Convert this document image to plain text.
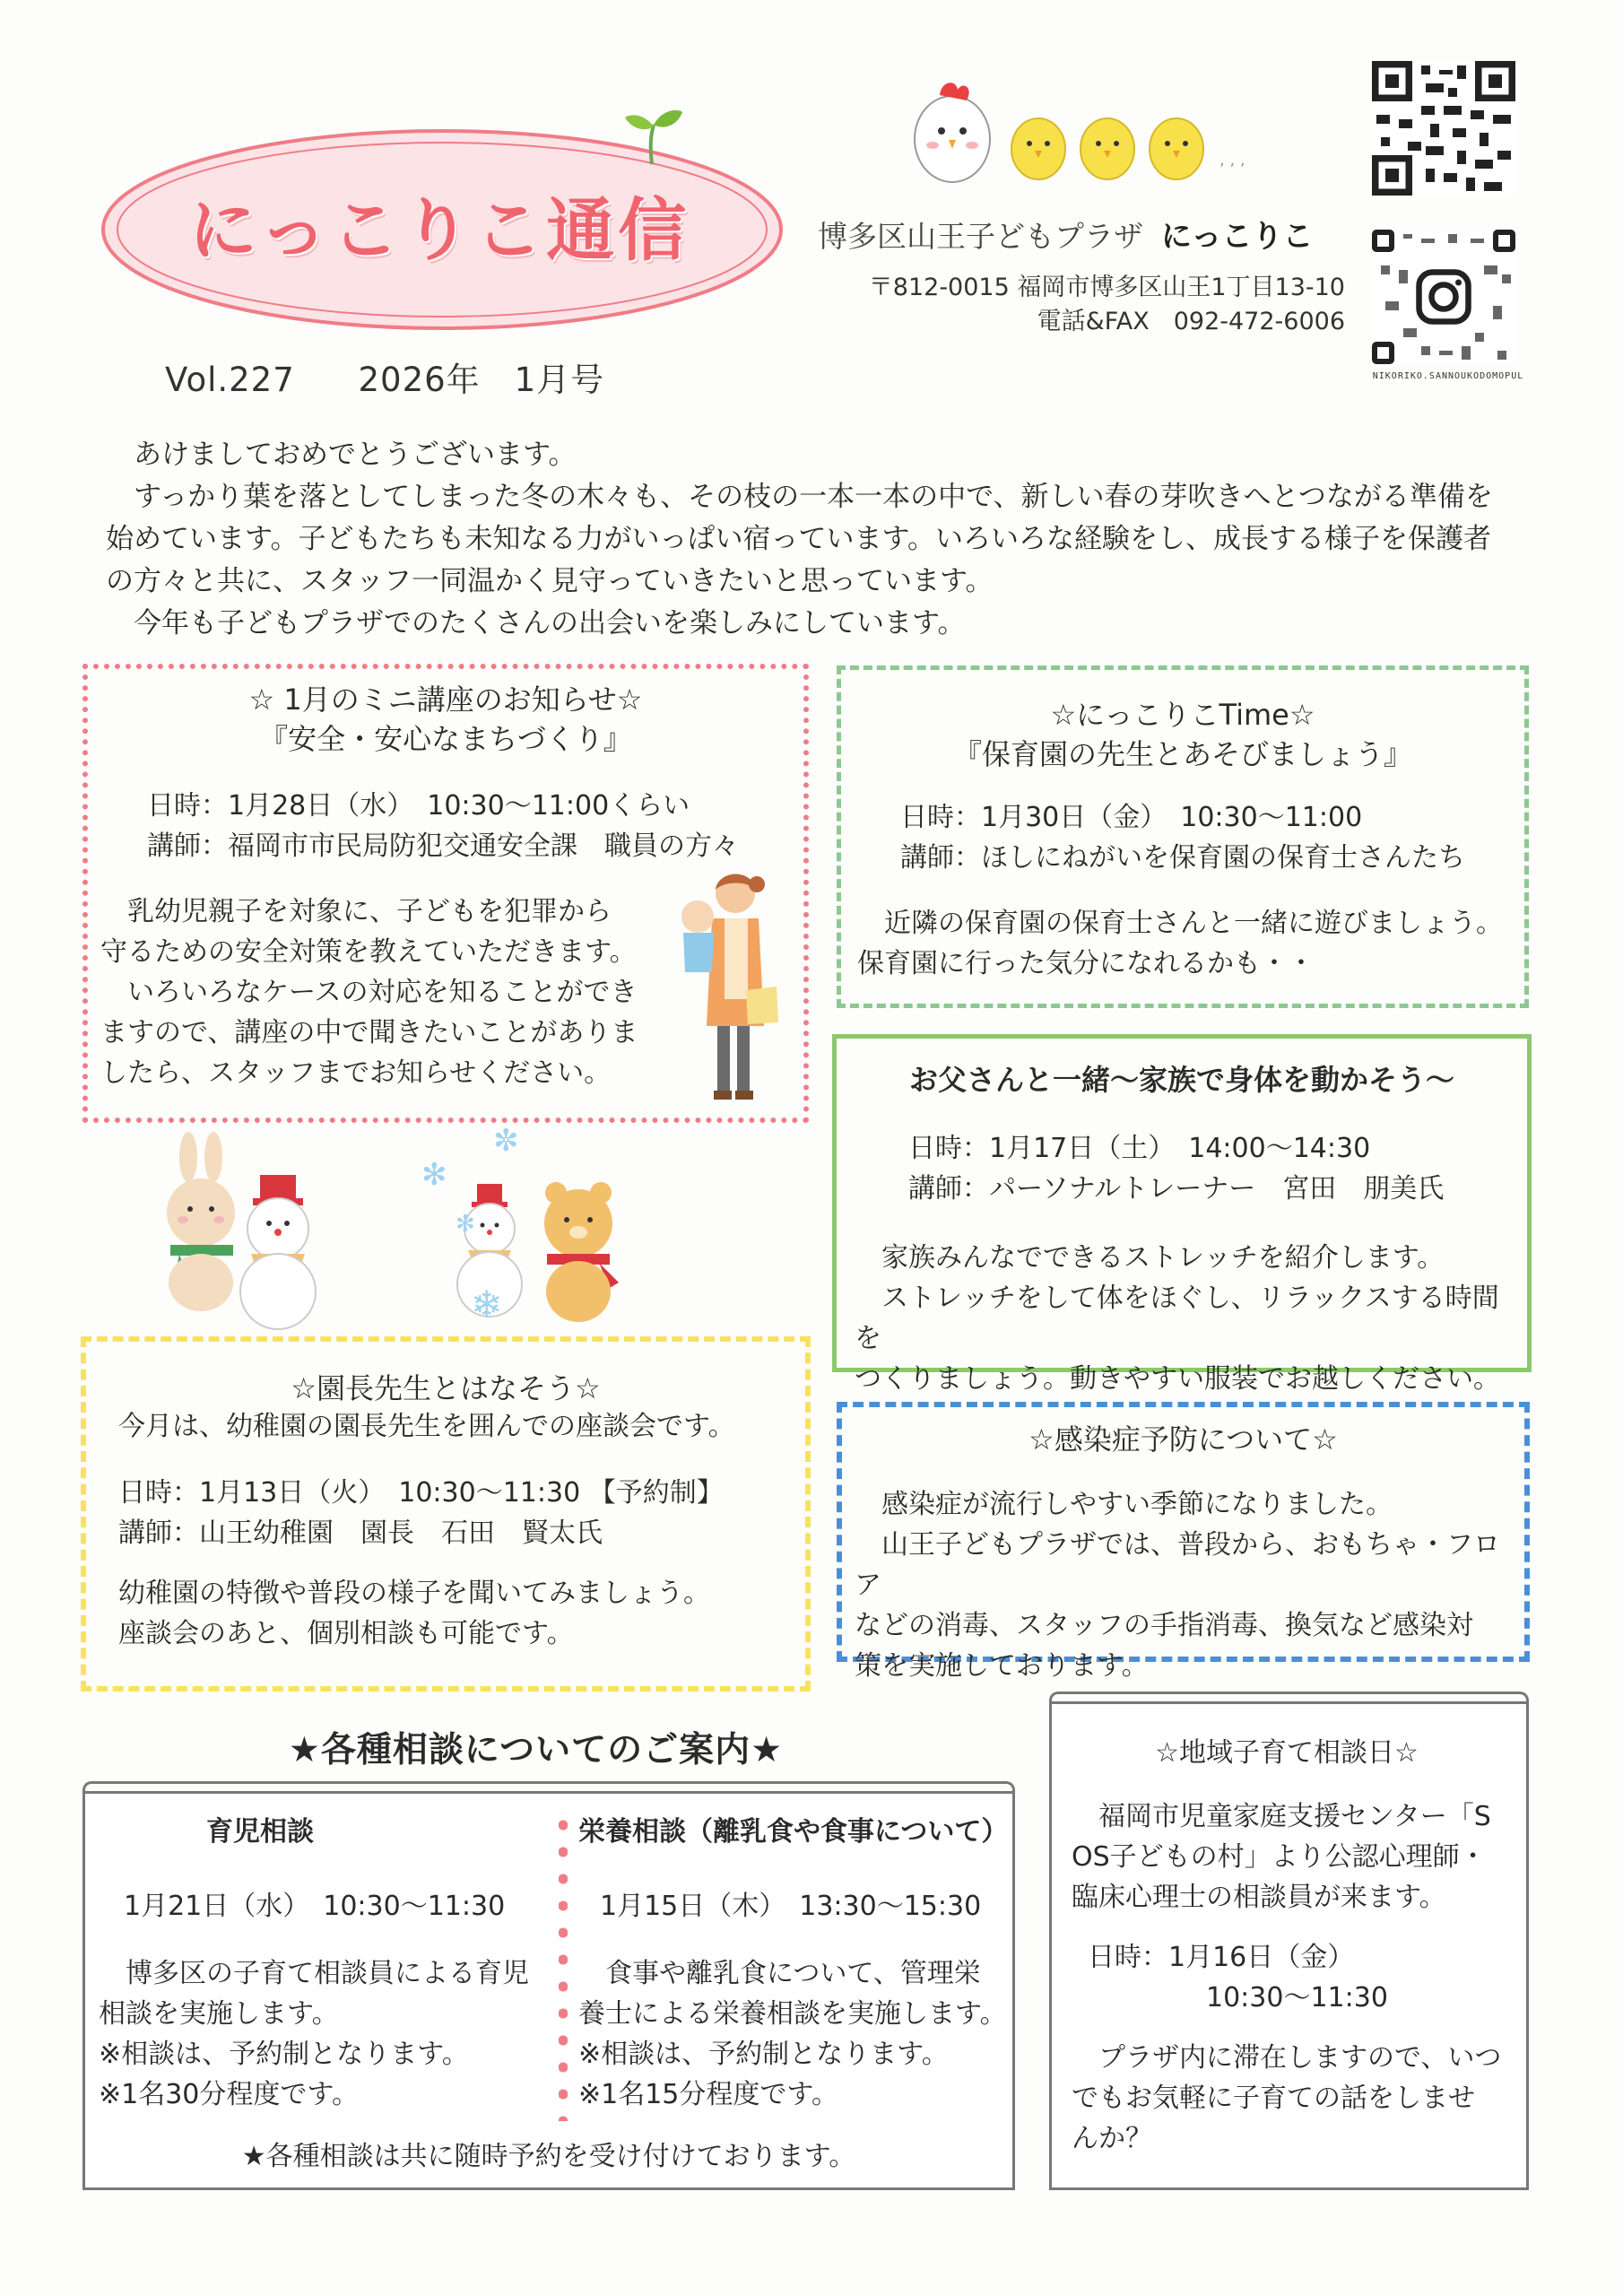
にっこりこ通信
Vol.227 2026年　1月号
, , ,
博多区山王子どもプラザ にっこりこ

〒812-0015 福岡市博多区山王1丁目13-10

電話&FAX　092-472-6006

NIKORIKO.SANNOUKODOMOPUL

　あけましておめでとうございます。

　すっかり葉を落としてしまった冬の木々も、その枝の一本一本の中で、新しい春の芽吹きへとつながる準備を

始めています。子どもたちも未知なる力がいっぱい宿っています。いろいろな経験をし、成長する様子を保護者

の方々と共に、スタッフ一同温かく見守っていきたいと思っています。

　今年も子どもプラザでのたくさんの出会いを楽しみにしています。

☆ 1月のミニ講座のお知らせ☆

『安全・安心なまちづくり』

日時：1月28日（水）　10:30～11:00くらい

講師：福岡市市民局防犯交通安全課　職員の方々

　乳幼児親子を対象に、子どもを犯罪から

守るための安全対策を教えていただきます。

　いろいろなケースの対応を知ることができ

ますので、講座の中で聞きたいことがありま

したら、スタッフまでお知らせください。

☆にっこりこTime☆

『保育園の先生とあそびましょう』

日時：1月30日（金）　10:30～11:00

講師：ほしにねがいを保育園の保育士さんたち

　近隣の保育園の保育士さんと一緒に遊びましょう。

保育園に行った気分になれるかも・・

お父さんと一緒～家族で身体を動かそう～

日時：1月17日（土）　14:00～14:30

講師：パーソナルトレーナー　宮田　朋美氏

　家族みんなでできるストレッチを紹介します。

　ストレッチをして体をほぐし、リラックスする時間を

つくりましょう。動きやすい服装でお越しください。

✻
✼
✻
❄
☆園長先生とはなそう☆
今月は、幼稚園の園長先生を囲んでの座談会です。

日時：1月13日（火）　10:30～11:30 【予約制】

講師：山王幼稚園　園長　石田　賢太氏

幼稚園の特徴や普段の様子を聞いてみましょう。

座談会のあと、個別相談も可能です。

☆感染症予防について☆

　感染症が流行しやすい季節になりました。

　山王子どもプラザでは、普段から、おもちゃ・フロア

などの消毒、スタッフの手指消毒、換気など感染対

策を実施しております。

★各種相談についてのご案内★
育児相談
1月21日（水）　10:30～11:30

　博多区の子育て相談員による育児

相談を実施します。

※相談は、予約制となります。

※1名30分程度です。

栄養相談（離乳食や食事について）
1月15日（木）　13:30～15:30

　食事や離乳食について、管理栄

養士による栄養相談を実施します。

※相談は、予約制となります。

※1名15分程度です。

★各種相談は共に随時予約を受け付けております。
☆地域子育て相談日☆

　福岡市児童家庭支援センター「S

OS子どもの村」より公認心理師・

臨床心理士の相談員が来ます。

日時：1月16日（金）
10:30～11:30

　プラザ内に滞在しますので、いつ

でもお気軽に子育ての話をしませ

んか？
